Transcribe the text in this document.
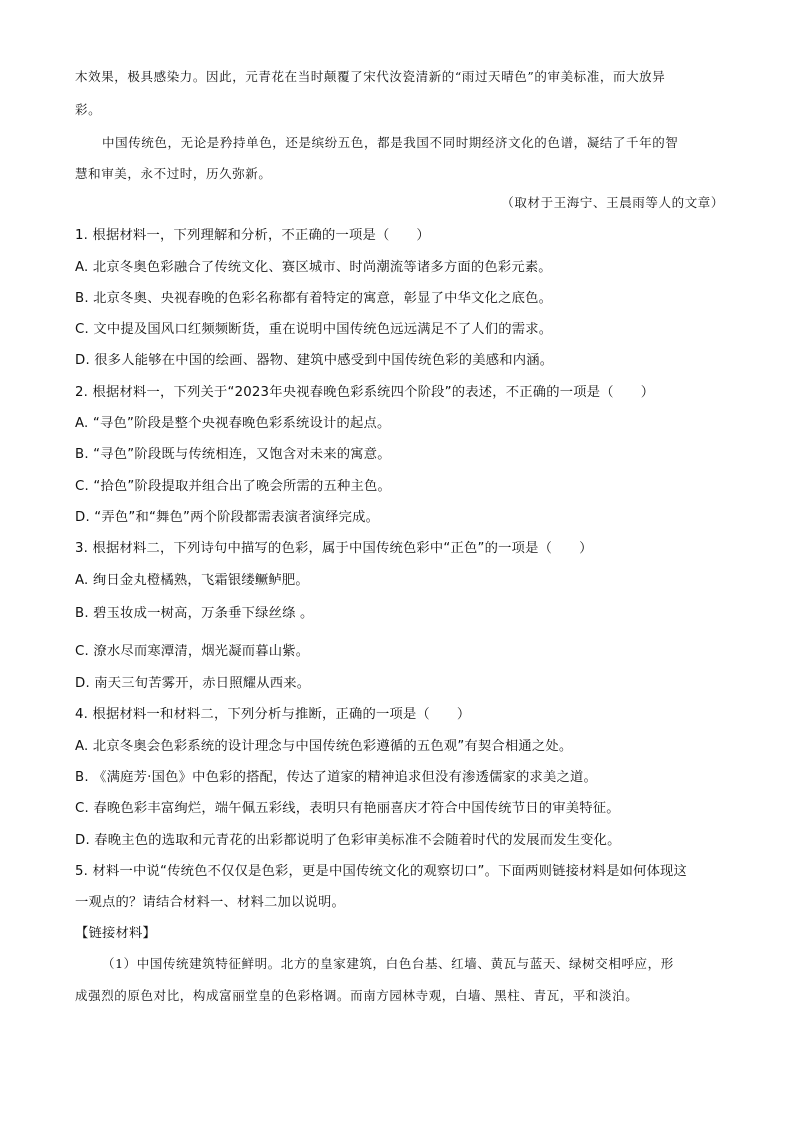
木效果，极具感染力。因此，元青花在当时颠覆了宋代汝瓷清新的“雨过天晴色”的审美标准，而大放异
彩。
中国传统色，无论是矜持单色，还是缤纷五色，都是我国不同时期经济文化的色谱，凝结了千年的智
慧和审美，永不过时，历久弥新。
（取材于王海宁、王晨雨等人的文章）
1. 根据材料一，下列理解和分析，不正确的一项是（　　）
A. 北京冬奥色彩融合了传统文化、赛区城市、时尚潮流等诸多方面的色彩元素。
B. 北京冬奥、央视春晚的色彩名称都有着特定的寓意，彰显了中华文化之底色。
C. 文中提及国风口红频频断货，重在说明中国传统色远远满足不了人们的需求。
D. 很多人能够在中国的绘画、器物、建筑中感受到中国传统色彩的美感和内涵。
2. 根据材料一，下列关于“2023年央视春晚色彩系统四个阶段”的表述，不正确的一项是（　　）
A. “寻色”阶段是整个央视春晚色彩系统设计的起点。
B. “寻色”阶段既与传统相连，又饱含对未来的寓意。
C. “拾色”阶段提取并组合出了晚会所需的五种主色。
D. “弄色”和“舞色”两个阶段都需表演者演绎完成。
3. 根据材料二，下列诗句中描写的色彩，属于中国传统色彩中“正色”的一项是（　　）
A. 绚日金丸橙橘熟，飞霜银缕鳜鲈肥。
B. 碧玉妆成一树高，万条垂下绿丝绦 。
C. 潦水尽而寒潭清，烟光凝而暮山紫。
D. 南天三旬苦雾开，赤日照耀从西来。
4. 根据材料一和材料二，下列分析与推断，正确的一项是（　　）
A. 北京冬奥会色彩系统的设计理念与中国传统色彩遵循的五色观”有契合相通之处。
B. 《满庭芳·国色》中色彩的搭配，传达了道家的精神追求但没有渗透儒家的求美之道。
C. 春晚色彩丰富绚烂，端午佩五彩线，表明只有艳丽喜庆才符合中国传统节日的审美特征。
D. 春晚主色的选取和元青花的出彩都说明了色彩审美标准不会随着时代的发展而发生变化。
5. 材料一中说“传统色不仅仅是色彩，更是中国传统文化的观察切口”。下面两则链接材料是如何体现这
一观点的？请结合材料一、材料二加以说明。
【链接材料】
（1）中国传统建筑特征鲜明。北方的皇家建筑，白色台基、红墙、黄瓦与蓝天、绿树交相呼应，形
成强烈的原色对比，构成富丽堂皇的色彩格调。而南方园林寺观，白墙、黑柱、青瓦，平和淡泊。
